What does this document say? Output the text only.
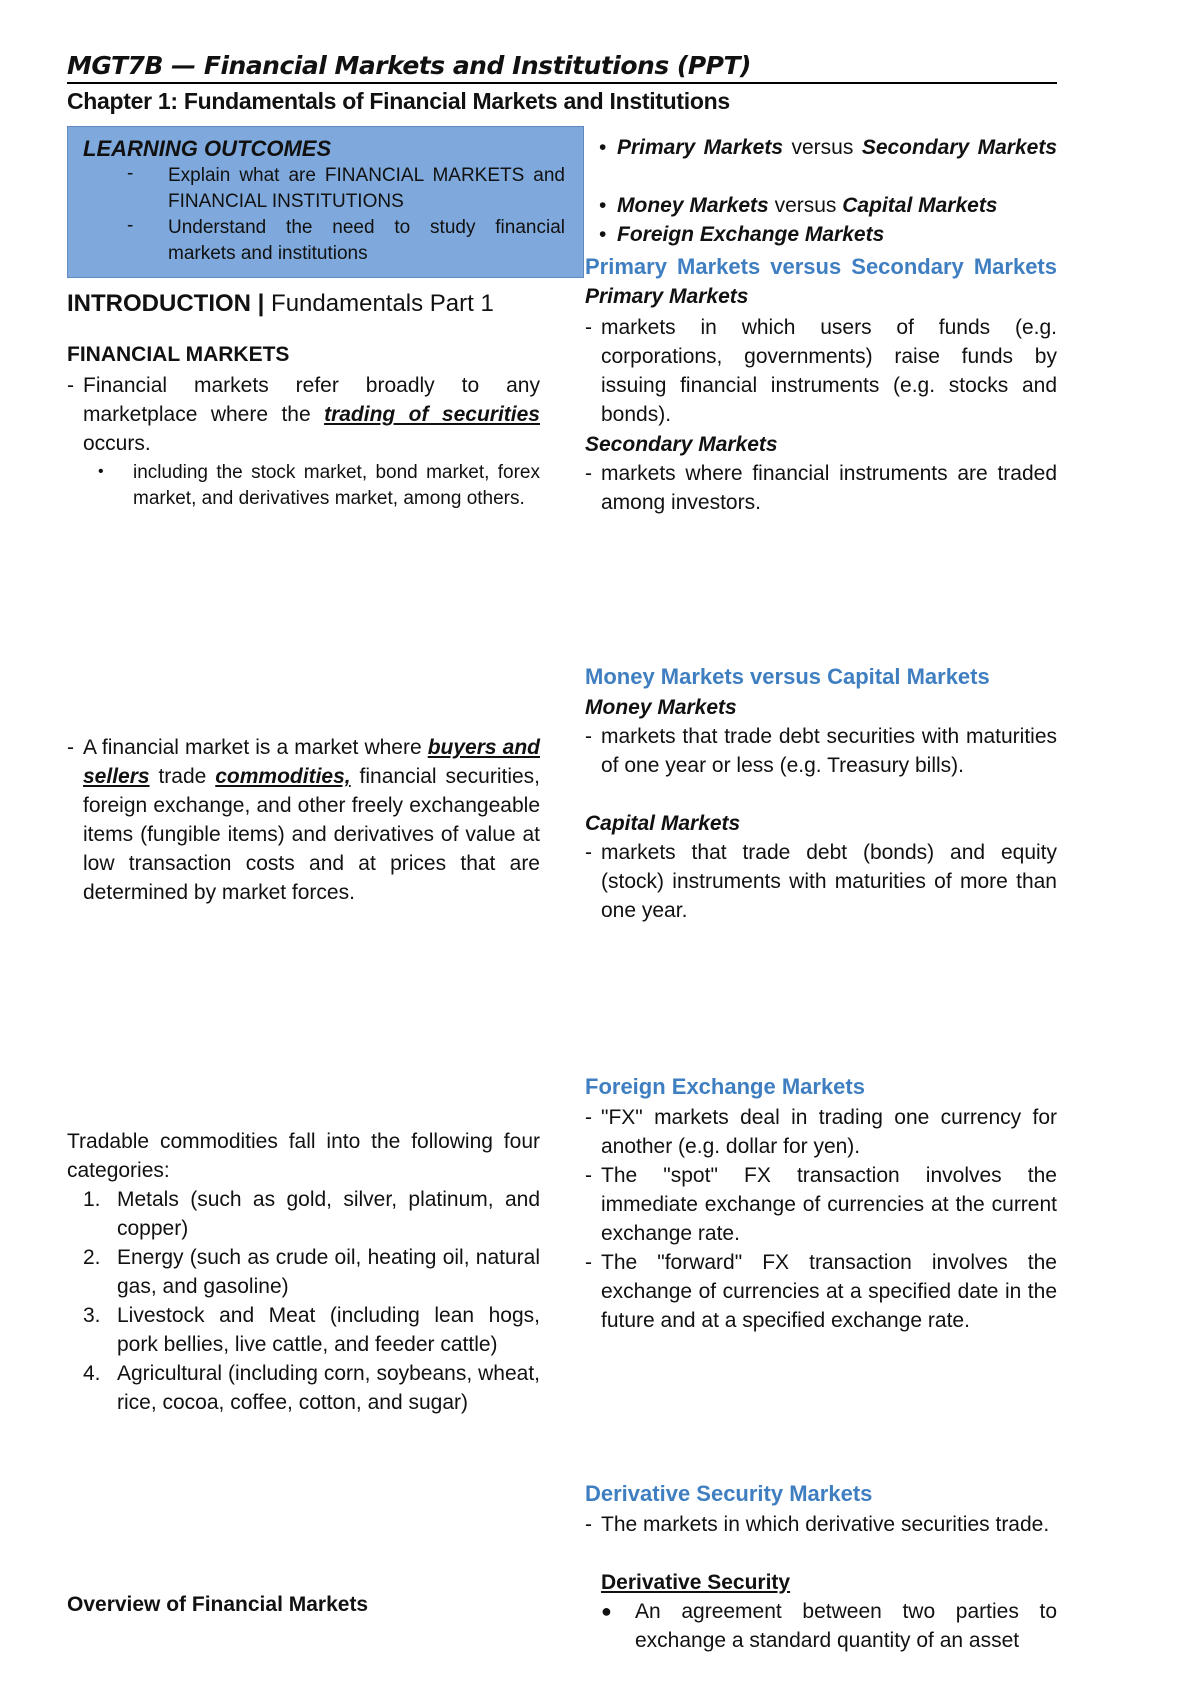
MGT7B — Financial Markets and Institutions (PPT)
Chapter 1: Fundamentals of Financial Markets and Institutions
LEARNING OUTCOMES
- Explain what are FINANCIAL MARKETS and FINANCIAL INSTITUTIONS
- Understand the need to study financial markets and institutions
INTRODUCTION | Fundamentals Part 1
FINANCIAL MARKETS
- Financial markets refer broadly to any marketplace where the trading of securities occurs.
• including the stock market, bond market, forex market, and derivatives market, among others.
- A financial market is a market where buyers and sellers trade commodities, financial securities, foreign exchange, and other freely exchangeable items (fungible items) and derivatives of value at low transaction costs and at prices that are determined by market forces.
Tradable commodities fall into the following four categories:
1. Metals (such as gold, silver, platinum, and copper)
2. Energy (such as crude oil, heating oil, natural gas, and gasoline)
3. Livestock and Meat (including lean hogs, pork bellies, live cattle, and feeder cattle)
4. Agricultural (including corn, soybeans, wheat, rice, cocoa, coffee, cotton, and sugar)
Overview of Financial Markets
• Primary Markets versus Secondary Markets
• Money Markets versus Capital Markets
• Foreign Exchange Markets
Primary Markets versus Secondary Markets Primary Markets
- markets in which users of funds (e.g. corporations, governments) raise funds by issuing financial instruments (e.g. stocks and bonds).
Secondary Markets
- markets where financial instruments are traded among investors.
Money Markets versus Capital Markets
Money Markets
- markets that trade debt securities with maturities of one year or less (e.g. Treasury bills).
Capital Markets
- markets that trade debt (bonds) and equity (stock) instruments with maturities of more than one year.
Foreign Exchange Markets
- "FX" markets deal in trading one currency for another (e.g. dollar for yen).
- The "spot" FX transaction involves the immediate exchange of currencies at the current exchange rate.
- The "forward" FX transaction involves the exchange of currencies at a specified date in the future and at a specified exchange rate.
Derivative Security Markets
- The markets in which derivative securities trade.
Derivative Security
● An agreement between two parties to exchange a standard quantity of an asset
